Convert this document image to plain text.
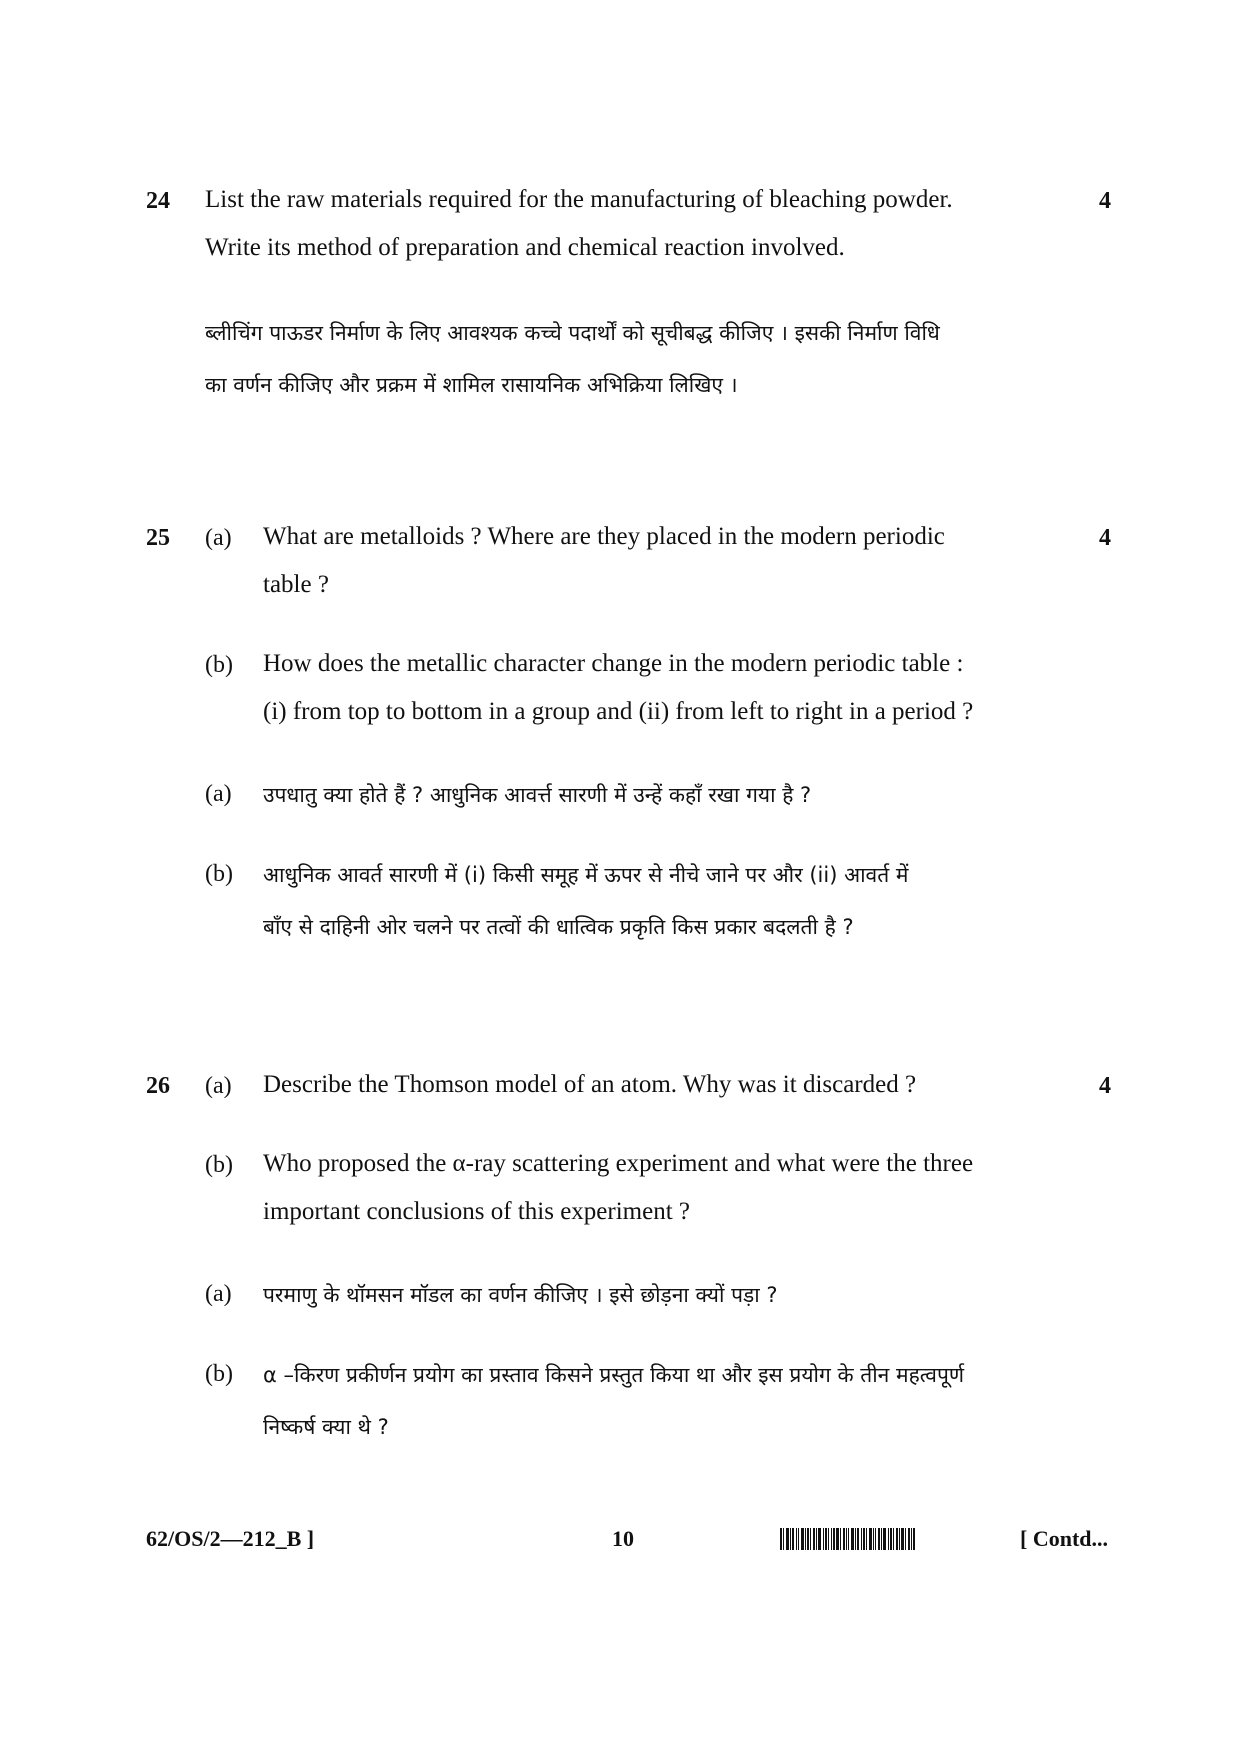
24	4
List the raw materials required for the manufacturing of bleaching powder.
Write its method of preparation and chemical reaction involved.
ब्लीचिंग पाऊडर निर्माण के लिए आवश्यक कच्चे पदार्थों को सूचीबद्ध कीजिए । इसकी निर्माण विधि
का वर्णन कीजिए और प्रक्रम में शामिल रासायनिक अभिक्रिया लिखिए ।
25	4
(a) What are metalloids ? Where are they placed in the modern periodic
table ?
(b) How does the metallic character change in the modern periodic table :
(i) from top to bottom in a group and (ii) from left to right in a period ?
(a) उपधातु क्या होते हैं ? आधुनिक आवर्त्त सारणी में उन्हें कहाँ रखा गया है ?
(b) आधुनिक आवर्त सारणी में (i) किसी समूह में ऊपर से नीचे जाने पर और (ii) आवर्त में
बाँए से दाहिनी ओर चलने पर तत्वों की धात्विक प्रकृति किस प्रकार बदलती है ?
26	4
(a) Describe the Thomson model of an atom. Why was it discarded ?
(b) Who proposed the α-ray scattering experiment and what were the three
important conclusions of this experiment ?
(a) परमाणु के थॉमसन मॉडल का वर्णन कीजिए । इसे छोड़ना क्यों पड़ा ?
(b) α –किरण प्रकीर्णन प्रयोग का प्रस्ताव किसने प्रस्तुत किया था और इस प्रयोग के तीन महत्वपूर्ण
निष्कर्ष क्या थे ?
62/OS/2—212_B ]	10	[ Contd...
